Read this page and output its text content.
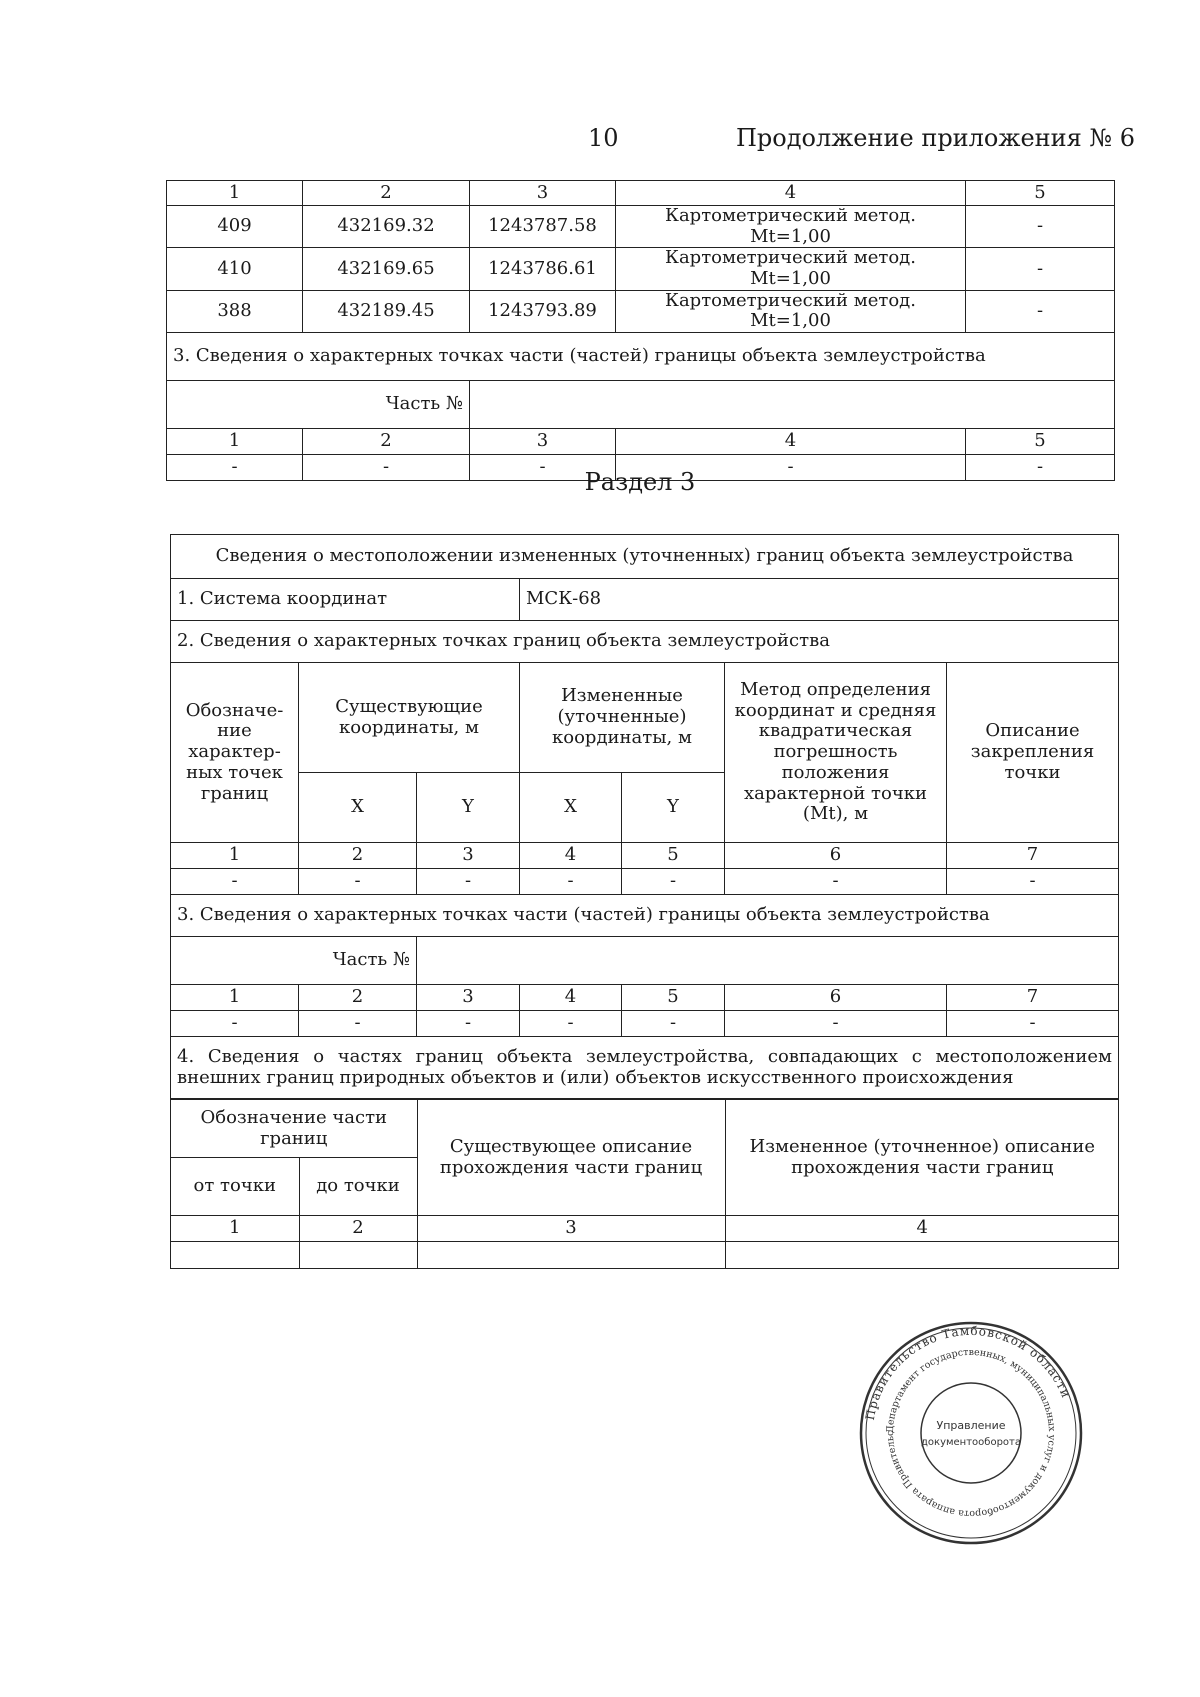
10	Продолжение приложения № 6
1	2	3	4	5
409	432169.32	1243787.58	Картометрический метод. Mt=1,00	-
410	432169.65	1243786.61	Картометрический метод. Mt=1,00	-
388	432189.45	1243793.89	Картометрический метод. Mt=1,00	-
3. Сведения о характерных точках части (частей) границы объекта землеустройства				
Часть №				
1	2	3	4	5
-	-	-	-	-
Раздел 3
Сведения о местоположении измененных (уточненных) границ объекта землеустройства
1. Система координат	МСК-68
2. Сведения о характерных точках границ объекта землеустройства
Обозначе-ние характер-ных точек границ	Существующие координаты, м	Измененные (уточненные) координаты, м	Метод определения координат и средняя квадратическая погрешность положения характерной точки (Mt), м	Описание закрепления точки
X	Y	X	Y
1	2	3	4	5	6	7
-	-	-	-	-	-	-
3. Сведения о характерных точках части (частей) границы объекта землеустройства
Часть №	
1	2	3	4	5	6	7
-	-	-	-	-	-	-
4. Сведения о частях границ объекта землеустройства, совпадающих с местоположением внешних границ природных объектов и (или) объектов искусственного происхождения

Обозначение части границ	Существующее описание прохождения части границ	Измененное (уточненное) описание прохождения части границ
от точки	до точки
1	2	3	4

Правительство Тамбовской области
Департамент государственных, муниципальных услуг и документооборота аппарата Правительс
Управление
документооборота
